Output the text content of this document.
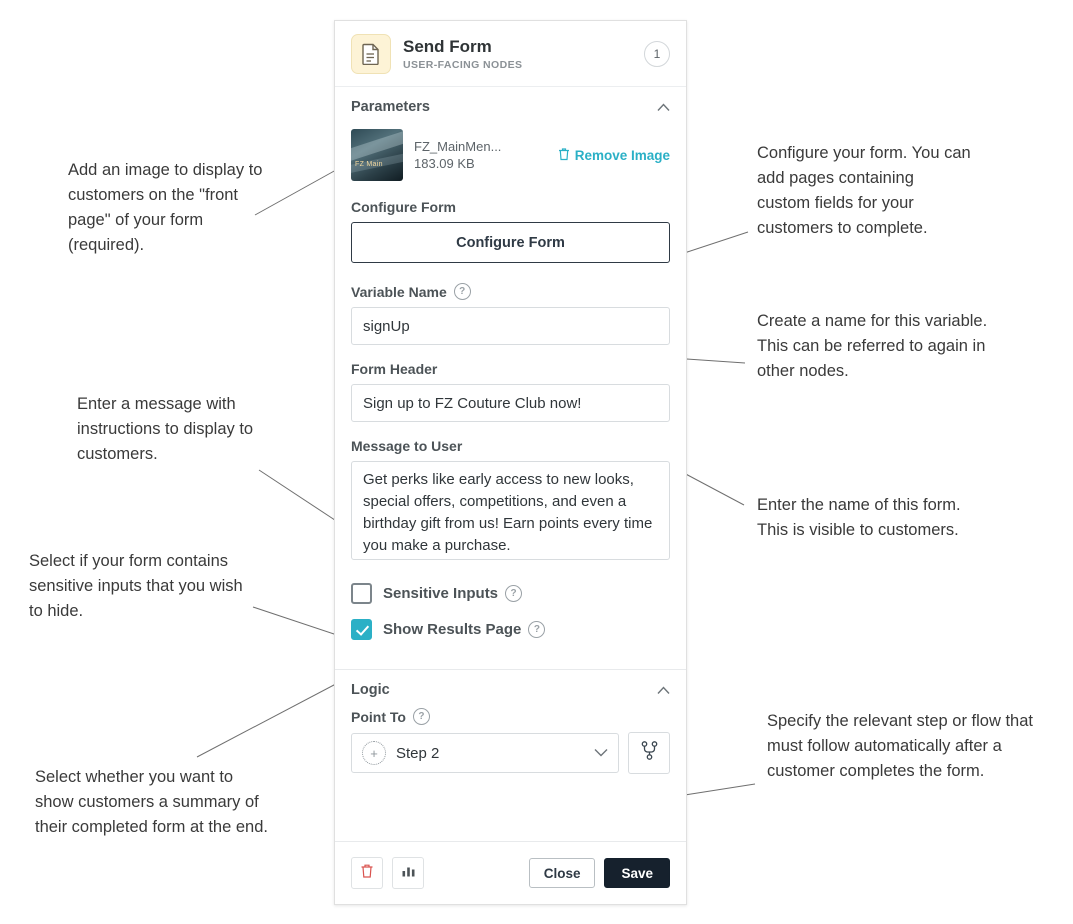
Add an image to display to customers on the "front page" of your form (required).
Enter a message with instructions to display to customers.
Select if your form contains sensitive inputs that you wish to hide.
Select whether you want to show customers a summary of their completed form at the end.
Configure your form. You can add pages containing custom fields for your customers to complete.
Create a name for this variable. This can be referred to again in other nodes.
Enter the name of this form. This is visible to customers.
Specify the relevant step or flow that must follow automatically after a customer completes the form.
Send Form
USER-FACING NODES
1
Parameters
FZ Main
FZ_MainMen...
183.09 KB
Remove Image
Configure Form
Configure Form
Variable Name	?
signUp
Form Header
Sign up to FZ Couture Club now!
Message to User
Get perks like early access to new looks, special offers, competitions, and even a birthday gift from us! Earn points every time you make a purchase.
Sensitive Inputs	?
Show Results Page	?
Logic
Point To	?
+	Step 2
Close	Save
